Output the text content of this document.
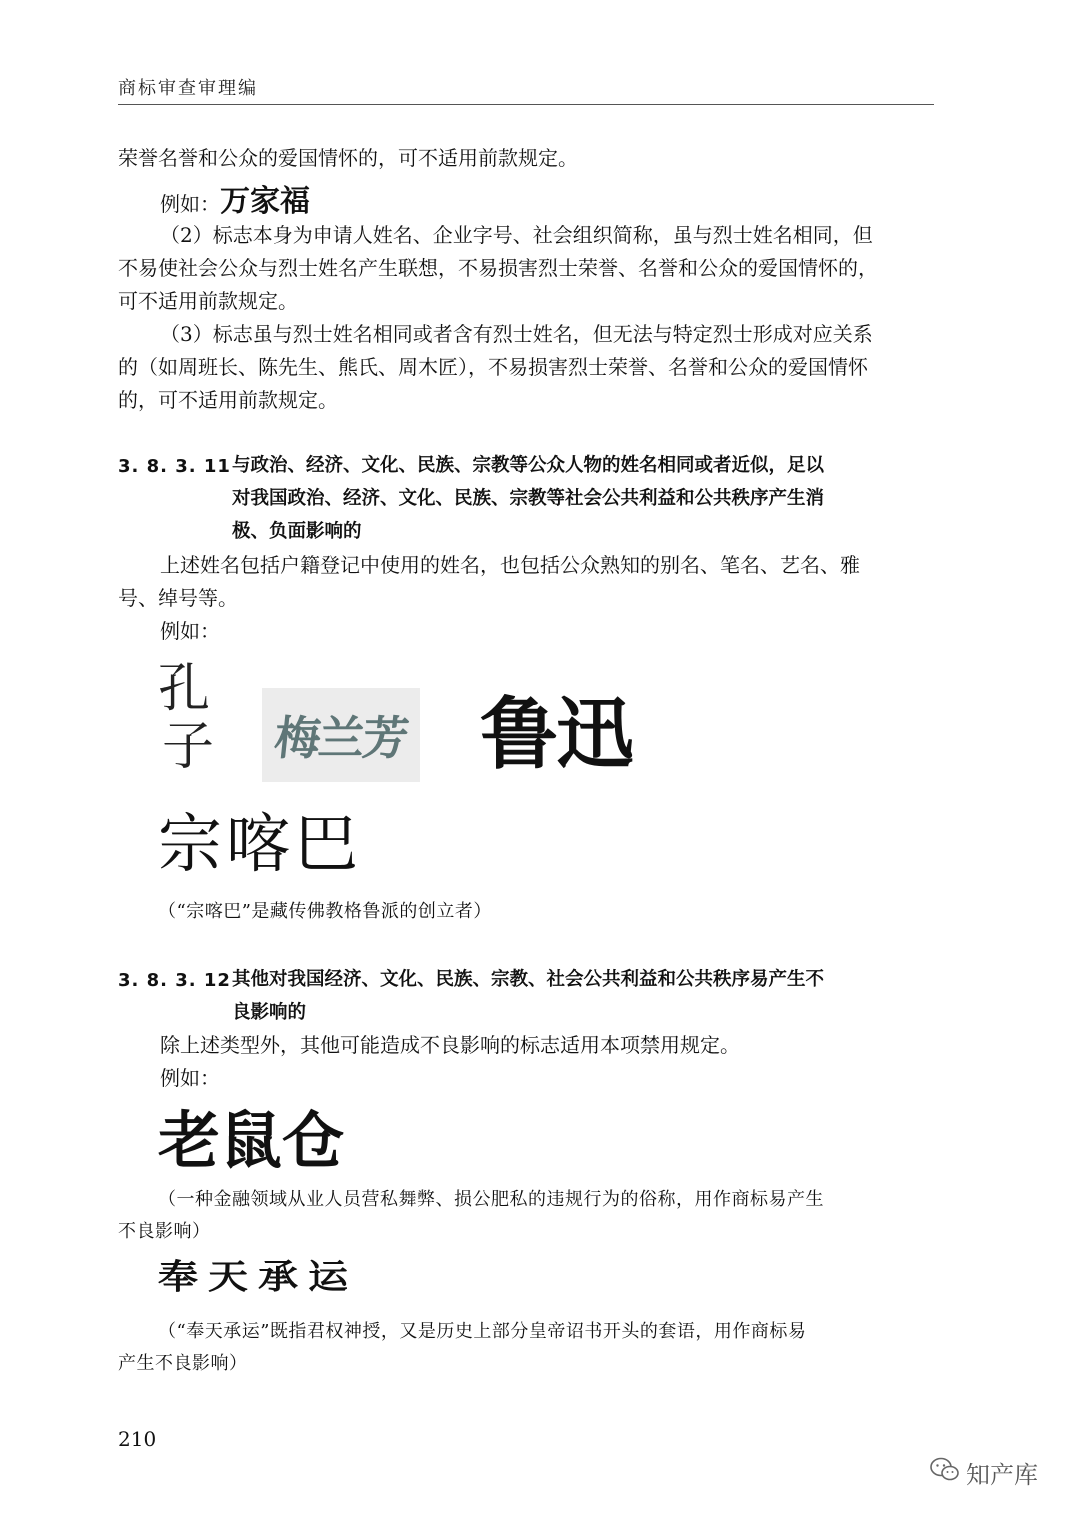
商标审查审理编
荣誉名誉和公众的爱国情怀的，可不适用前款规定。
例如： 万家福
（2）标志本身为申请人姓名、企业字号、社会组织简称，虽与烈士姓名相同，但
不易使社会公众与烈士姓名产生联想，不易损害烈士荣誉、名誉和公众的爱国情怀的，
可不适用前款规定。
（3）标志虽与烈士姓名相同或者含有烈士姓名，但无法与特定烈士形成对应关系
的（如周班长、陈先生、熊氏、周木匠），不易损害烈士荣誉、名誉和公众的爱国情怀
的，可不适用前款规定。
3. 8. 3. 11 与政治、经济、文化、民族、宗教等公众人物的姓名相同或者近似，足以
对我国政治、经济、文化、民族、宗教等社会公共利益和公共秩序产生消
极、负面影响的
上述姓名包括户籍登记中使用的姓名，也包括公众熟知的别名、笔名、艺名、雅
号、绰号等。
例如：
孔
子 梅兰芳 鲁迅
宗喀巴
（“宗喀巴”是藏传佛教格鲁派的创立者）
3. 8. 3. 12 其他对我国经济、文化、民族、宗教、社会公共利益和公共秩序易产生不
良影响的
除上述类型外，其他可能造成不良影响的标志适用本项禁用规定。
例如：
老鼠仓
（一种金融领域从业人员营私舞弊、损公肥私的违规行为的俗称，用作商标易产生
不良影响）
奉天承运
（“奉天承运”既指君权神授，又是历史上部分皇帝诏书开头的套语，用作商标易
产生不良影响）
210
知产库
